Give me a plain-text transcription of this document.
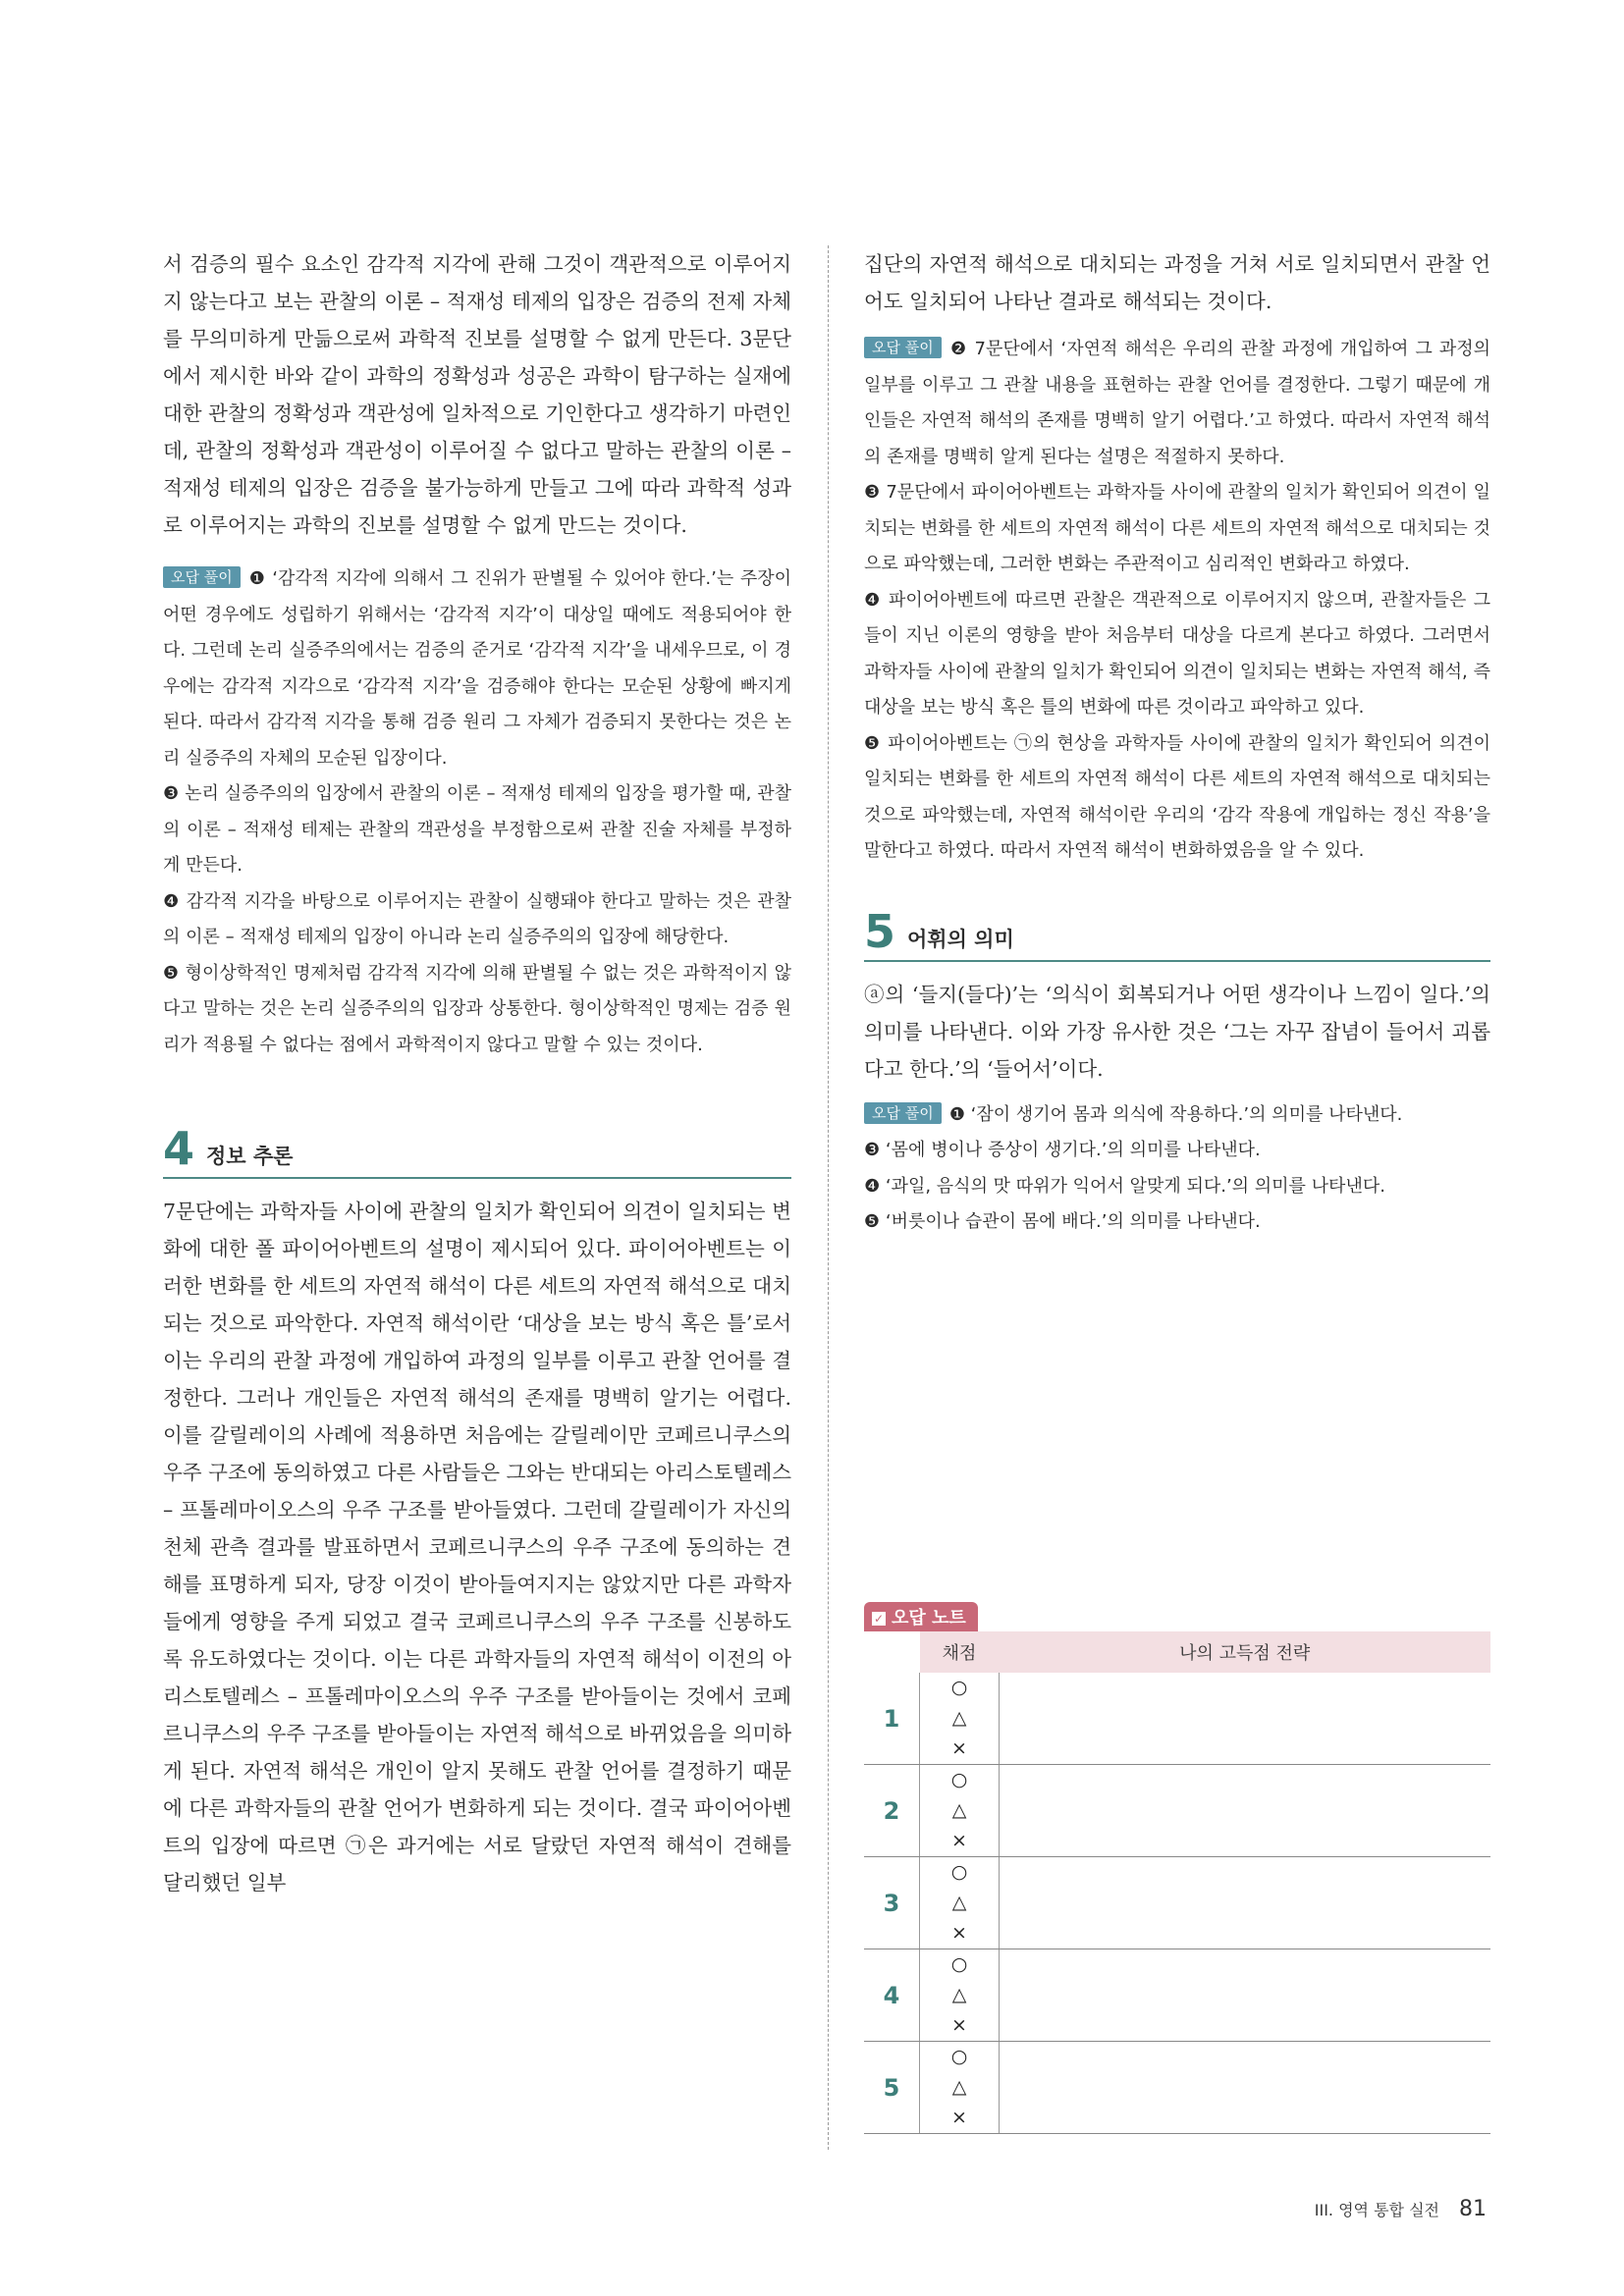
서 검증의 필수 요소인 감각적 지각에 관해 그것이 객관적으로 이루어지지 않는다고 보는 관찰의 이론 – 적재성 테제의 입장은 검증의 전제 자체를 무의미하게 만듦으로써 과학적 진보를 설명할 수 없게 만든다. 3문단에서 제시한 바와 같이 과학의 정확성과 성공은 과학이 탐구하는 실재에 대한 관찰의 정확성과 객관성에 일차적으로 기인한다고 생각하기 마련인데, 관찰의 정확성과 객관성이 이루어질 수 없다고 말하는 관찰의 이론 – 적재성 테제의 입장은 검증을 불가능하게 만들고 그에 따라 과학적 성과로 이루어지는 과학의 진보를 설명할 수 없게 만드는 것이다.

오답 풀이 ❶ ‘감각적 지각에 의해서 그 진위가 판별될 수 있어야 한다.’는 주장이 어떤 경우에도 성립하기 위해서는 ‘감각적 지각’이 대상일 때에도 적용되어야 한다. 그런데 논리 실증주의에서는 검증의 준거로 ‘감각적 지각’을 내세우므로, 이 경우에는 감각적 지각으로 ‘감각적 지각’을 검증해야 한다는 모순된 상황에 빠지게 된다. 따라서 감각적 지각을 통해 검증 원리 그 자체가 검증되지 못한다는 것은 논리 실증주의 자체의 모순된 입장이다.

❸ 논리 실증주의의 입장에서 관찰의 이론 – 적재성 테제의 입장을 평가할 때, 관찰의 이론 – 적재성 테제는 관찰의 객관성을 부정함으로써 관찰 진술 자체를 부정하게 만든다.

❹ 감각적 지각을 바탕으로 이루어지는 관찰이 실행돼야 한다고 말하는 것은 관찰의 이론 – 적재성 테제의 입장이 아니라 논리 실증주의의 입장에 해당한다.

❺ 형이상학적인 명제처럼 감각적 지각에 의해 판별될 수 없는 것은 과학적이지 않다고 말하는 것은 논리 실증주의의 입장과 상통한다. 형이상학적인 명제는 검증 원리가 적용될 수 없다는 점에서 과학적이지 않다고 말할 수 있는 것이다.

4 정보 추론

7문단에는 과학자들 사이에 관찰의 일치가 확인되어 의견이 일치되는 변화에 대한 폴 파이어아벤트의 설명이 제시되어 있다. 파이어아벤트는 이러한 변화를 한 세트의 자연적 해석이 다른 세트의 자연적 해석으로 대치되는 것으로 파악한다. 자연적 해석이란 ‘대상을 보는 방식 혹은 틀’로서 이는 우리의 관찰 과정에 개입하여 과정의 일부를 이루고 관찰 언어를 결정한다. 그러나 개인들은 자연적 해석의 존재를 명백히 알기는 어렵다. 이를 갈릴레이의 사례에 적용하면 처음에는 갈릴레이만 코페르니쿠스의 우주 구조에 동의하였고 다른 사람들은 그와는 반대되는 아리스토텔레스 – 프톨레마이오스의 우주 구조를 받아들였다. 그런데 갈릴레이가 자신의 천체 관측 결과를 발표하면서 코페르니쿠스의 우주 구조에 동의하는 견해를 표명하게 되자, 당장 이것이 받아들여지지는 않았지만 다른 과학자들에게 영향을 주게 되었고 결국 코페르니쿠스의 우주 구조를 신봉하도록 유도하였다는 것이다. 이는 다른 과학자들의 자연적 해석이 이전의 아리스토텔레스 – 프톨레마이오스의 우주 구조를 받아들이는 것에서 코페르니쿠스의 우주 구조를 받아들이는 자연적 해석으로 바뀌었음을 의미하게 된다. 자연적 해석은 개인이 알지 못해도 관찰 언어를 결정하기 때문에 다른 과학자들의 관찰 언어가 변화하게 되는 것이다. 결국 파이어아벤트의 입장에 따르면 ㉠은 과거에는 서로 달랐던 자연적 해석이 견해를 달리했던 일부

집단의 자연적 해석으로 대치되는 과정을 거쳐 서로 일치되면서 관찰 언어도 일치되어 나타난 결과로 해석되는 것이다.

오답 풀이 ❷ 7문단에서 ‘자연적 해석은 우리의 관찰 과정에 개입하여 그 과정의 일부를 이루고 그 관찰 내용을 표현하는 관찰 언어를 결정한다. 그렇기 때문에 개인들은 자연적 해석의 존재를 명백히 알기 어렵다.’고 하였다. 따라서 자연적 해석의 존재를 명백히 알게 된다는 설명은 적절하지 못하다.

❸ 7문단에서 파이어아벤트는 과학자들 사이에 관찰의 일치가 확인되어 의견이 일치되는 변화를 한 세트의 자연적 해석이 다른 세트의 자연적 해석으로 대치되는 것으로 파악했는데, 그러한 변화는 주관적이고 심리적인 변화라고 하였다.

❹ 파이어아벤트에 따르면 관찰은 객관적으로 이루어지지 않으며, 관찰자들은 그들이 지닌 이론의 영향을 받아 처음부터 대상을 다르게 본다고 하였다. 그러면서 과학자들 사이에 관찰의 일치가 확인되어 의견이 일치되는 변화는 자연적 해석, 즉 대상을 보는 방식 혹은 틀의 변화에 따른 것이라고 파악하고 있다.

❺ 파이어아벤트는 ㉠의 현상을 과학자들 사이에 관찰의 일치가 확인되어 의견이 일치되는 변화를 한 세트의 자연적 해석이 다른 세트의 자연적 해석으로 대치되는 것으로 파악했는데, 자연적 해석이란 우리의 ‘감각 작용에 개입하는 정신 작용’을 말한다고 하였다. 따라서 자연적 해석이 변화하였음을 알 수 있다.

5 어휘의 의미

ⓐ의 ‘들지(들다)’는 ‘의식이 회복되거나 어떤 생각이나 느낌이 일다.’의 의미를 나타낸다. 이와 가장 유사한 것은 ‘그는 자꾸 잡념이 들어서 괴롭다고 한다.’의 ‘들어서’이다.

오답 풀이 ❶ ‘잠이 생기어 몸과 의식에 작용하다.’의 의미를 나타낸다.

❸ ‘몸에 병이나 증상이 생기다.’의 의미를 나타낸다.

❹ ‘과일, 음식의 맛 따위가 익어서 알맞게 되다.’의 의미를 나타낸다.

❺ ‘버릇이나 습관이 몸에 배다.’의 의미를 나타낸다.

✓ 오답 노트
	채점	나의 고득점 전략
1	○
△
×	

2	○
△
×	

3	○
△
×	

4	○
△
×	

5	○
△
×	

III. 영역 통합 실전 81
